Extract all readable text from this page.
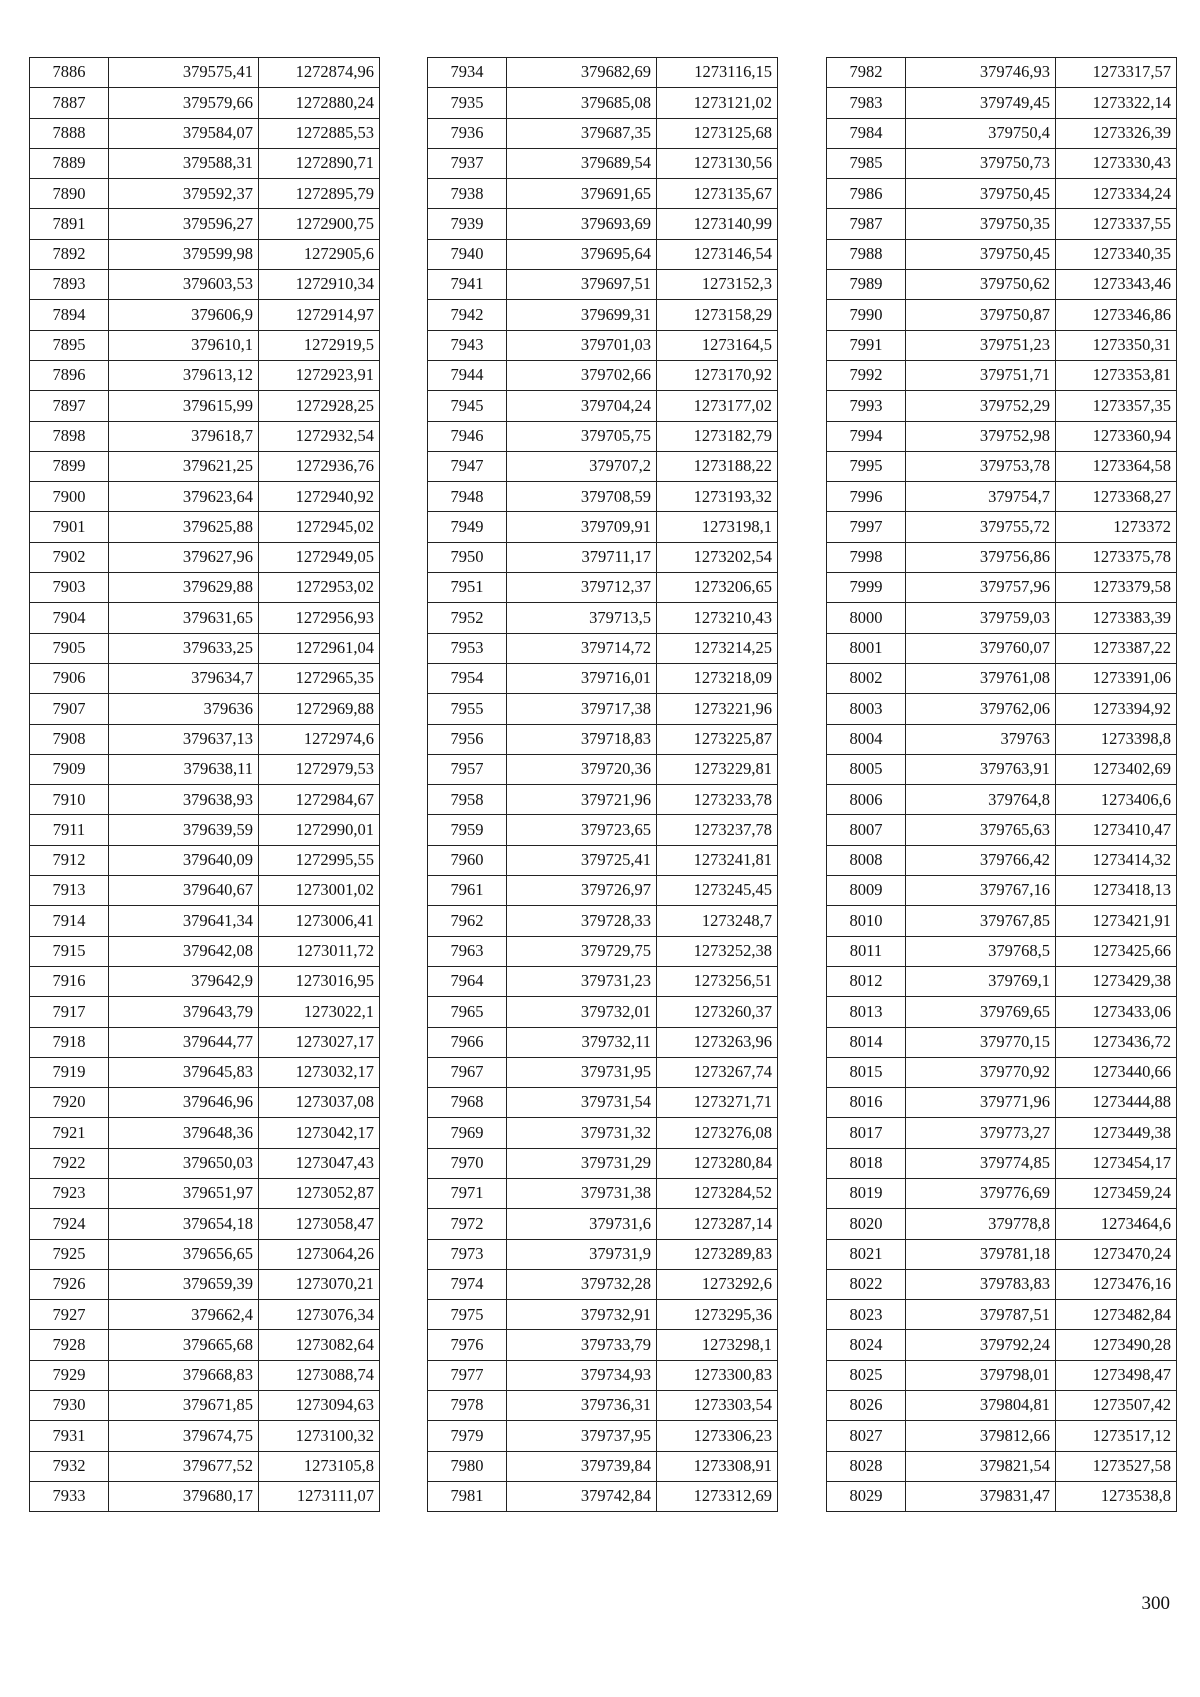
7886	379575,41	1272874,96
7887	379579,66	1272880,24
7888	379584,07	1272885,53
7889	379588,31	1272890,71
7890	379592,37	1272895,79
7891	379596,27	1272900,75
7892	379599,98	1272905,6
7893	379603,53	1272910,34
7894	379606,9	1272914,97
7895	379610,1	1272919,5
7896	379613,12	1272923,91
7897	379615,99	1272928,25
7898	379618,7	1272932,54
7899	379621,25	1272936,76
7900	379623,64	1272940,92
7901	379625,88	1272945,02
7902	379627,96	1272949,05
7903	379629,88	1272953,02
7904	379631,65	1272956,93
7905	379633,25	1272961,04
7906	379634,7	1272965,35
7907	379636	1272969,88
7908	379637,13	1272974,6
7909	379638,11	1272979,53
7910	379638,93	1272984,67
7911	379639,59	1272990,01
7912	379640,09	1272995,55
7913	379640,67	1273001,02
7914	379641,34	1273006,41
7915	379642,08	1273011,72
7916	379642,9	1273016,95
7917	379643,79	1273022,1
7918	379644,77	1273027,17
7919	379645,83	1273032,17
7920	379646,96	1273037,08
7921	379648,36	1273042,17
7922	379650,03	1273047,43
7923	379651,97	1273052,87
7924	379654,18	1273058,47
7925	379656,65	1273064,26
7926	379659,39	1273070,21
7927	379662,4	1273076,34
7928	379665,68	1273082,64
7929	379668,83	1273088,74
7930	379671,85	1273094,63
7931	379674,75	1273100,32
7932	379677,52	1273105,8
7933	379680,17	1273111,07
7934	379682,69	1273116,15
7935	379685,08	1273121,02
7936	379687,35	1273125,68
7937	379689,54	1273130,56
7938	379691,65	1273135,67
7939	379693,69	1273140,99
7940	379695,64	1273146,54
7941	379697,51	1273152,3
7942	379699,31	1273158,29
7943	379701,03	1273164,5
7944	379702,66	1273170,92
7945	379704,24	1273177,02
7946	379705,75	1273182,79
7947	379707,2	1273188,22
7948	379708,59	1273193,32
7949	379709,91	1273198,1
7950	379711,17	1273202,54
7951	379712,37	1273206,65
7952	379713,5	1273210,43
7953	379714,72	1273214,25
7954	379716,01	1273218,09
7955	379717,38	1273221,96
7956	379718,83	1273225,87
7957	379720,36	1273229,81
7958	379721,96	1273233,78
7959	379723,65	1273237,78
7960	379725,41	1273241,81
7961	379726,97	1273245,45
7962	379728,33	1273248,7
7963	379729,75	1273252,38
7964	379731,23	1273256,51
7965	379732,01	1273260,37
7966	379732,11	1273263,96
7967	379731,95	1273267,74
7968	379731,54	1273271,71
7969	379731,32	1273276,08
7970	379731,29	1273280,84
7971	379731,38	1273284,52
7972	379731,6	1273287,14
7973	379731,9	1273289,83
7974	379732,28	1273292,6
7975	379732,91	1273295,36
7976	379733,79	1273298,1
7977	379734,93	1273300,83
7978	379736,31	1273303,54
7979	379737,95	1273306,23
7980	379739,84	1273308,91
7981	379742,84	1273312,69
7982	379746,93	1273317,57
7983	379749,45	1273322,14
7984	379750,4	1273326,39
7985	379750,73	1273330,43
7986	379750,45	1273334,24
7987	379750,35	1273337,55
7988	379750,45	1273340,35
7989	379750,62	1273343,46
7990	379750,87	1273346,86
7991	379751,23	1273350,31
7992	379751,71	1273353,81
7993	379752,29	1273357,35
7994	379752,98	1273360,94
7995	379753,78	1273364,58
7996	379754,7	1273368,27
7997	379755,72	1273372
7998	379756,86	1273375,78
7999	379757,96	1273379,58
8000	379759,03	1273383,39
8001	379760,07	1273387,22
8002	379761,08	1273391,06
8003	379762,06	1273394,92
8004	379763	1273398,8
8005	379763,91	1273402,69
8006	379764,8	1273406,6
8007	379765,63	1273410,47
8008	379766,42	1273414,32
8009	379767,16	1273418,13
8010	379767,85	1273421,91
8011	379768,5	1273425,66
8012	379769,1	1273429,38
8013	379769,65	1273433,06
8014	379770,15	1273436,72
8015	379770,92	1273440,66
8016	379771,96	1273444,88
8017	379773,27	1273449,38
8018	379774,85	1273454,17
8019	379776,69	1273459,24
8020	379778,8	1273464,6
8021	379781,18	1273470,24
8022	379783,83	1273476,16
8023	379787,51	1273482,84
8024	379792,24	1273490,28
8025	379798,01	1273498,47
8026	379804,81	1273507,42
8027	379812,66	1273517,12
8028	379821,54	1273527,58
8029	379831,47	1273538,8
300
